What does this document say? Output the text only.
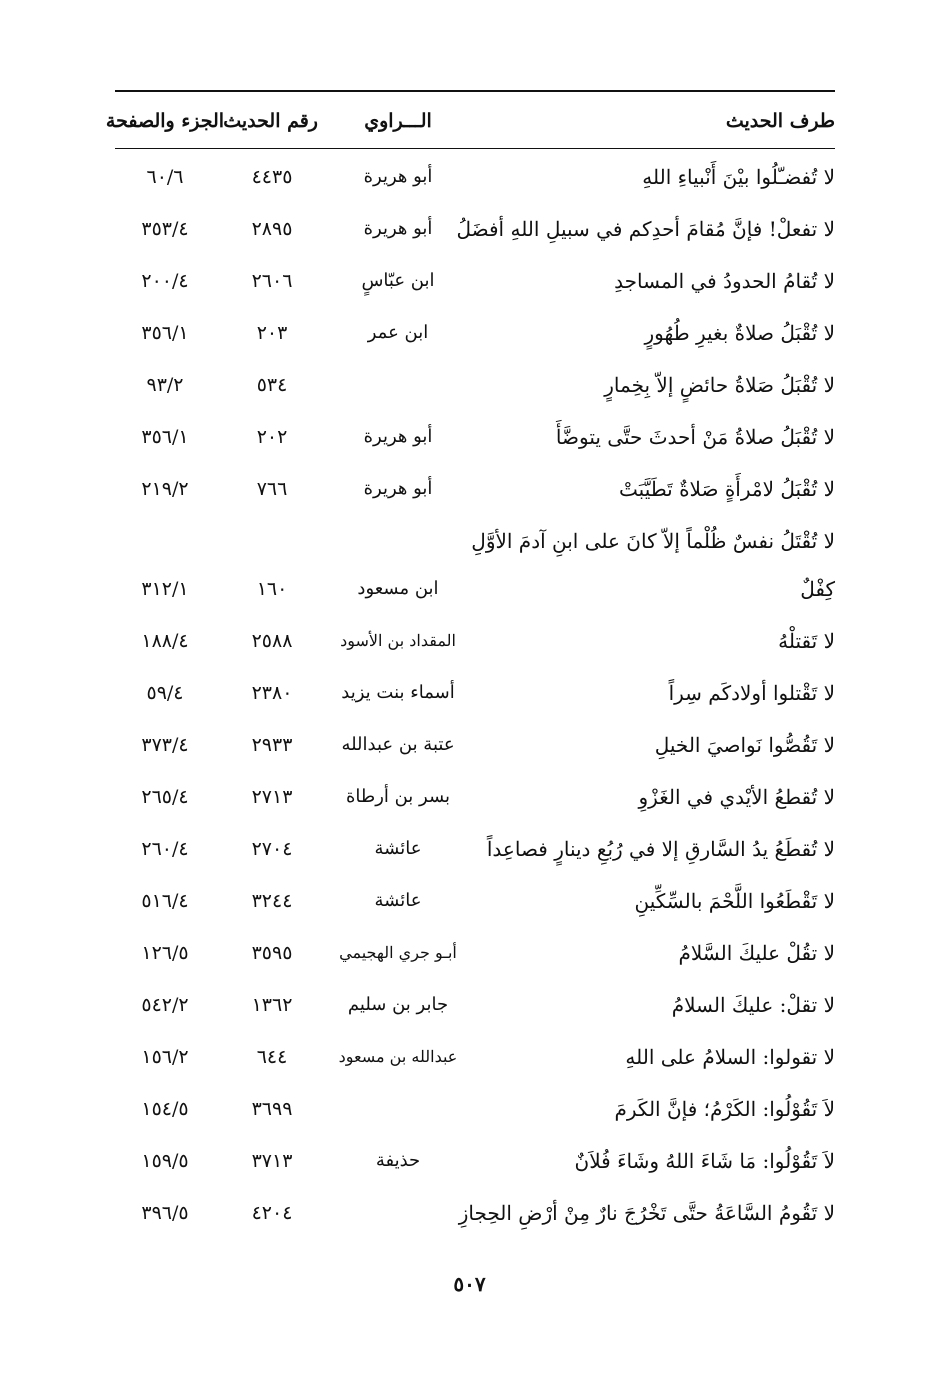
طرف الحديث
الـــراوي
رقم الحديث
الجزء والصفحة
لا تُفضـّلُوا بيْنَ أَنْبياءِ اللهِ
أبو هريرة
٤٤٣٥
٦٠/٦
لا تفعلْ! فإنَّ مُقامَ أحدِكم في سبيلِ اللهِ أفضَلُ
أبو هريرة
٢٨٩٥
٣٥٣/٤
لا تُقامُ الحدودُ في المساجدِ
ابن عبّاسٍ
٢٦٠٦
٢٠٠/٤
لا تُقْبَلُ صلاةٌ بغيرِ طُهُورٍ
ابن عمر
٢٠٣
٣٥٦/١
لا تُقْبَلُ صَلاةُ حائضٍ إلاّ بِخِمارٍ
٥٣٤
٩٣/٢
لا تُقْبَلُ صلاةُ مَنْ أحدثَ حتَّى يتوضَّأَ
أبو هريرة
٢٠٢
٣٥٦/١
لا تُقْبَلُ لامْرأَةٍ صَلاةٌ تَطَيَّبَتْ
أبو هريرة
٧٦٦
٢١٩/٢
لا تُقْتَلُ نفسٌ ظُلْماً إلاّ كانَ على ابنِ آدمَ الأوَّلِ
كِفْلٌ
ابن مسعود
١٦٠
٣١٢/١
لا تَقتلْهُ
المقداد بن الأسود
٢٥٨٨
١٨٨/٤
لا تَقْتلوا أولادكَم سِراً
أسماء بنت يزيد
٢٣٨٠
٥٩/٤
لا تَقُصُّوا نَواصيَ الخيلِ
عتبة بن عبدالله
٢٩٣٣
٣٧٣/٤
لا تُقطعُ الأيْدي في الغَزْوِ
بسر بن أرطاة
٢٧١٣
٢٦٥/٤
لا تُقطَعُ يدُ السَّارقِ إلا في رُبُعِ دينارٍ فصاعِداً
عائشة
٢٧٠٤
٢٦٠/٤
لا تَقْطَعُوا اللَّحْمَ بالسِّكِّينِ
عائشة
٣٢٤٤
٥١٦/٤
لا تقُلْ عليكَ السَّلامُ
أبـو جري الهجيمي
٣٥٩٥
١٢٦/٥
لا تقلْ: عليكَ السلامُ
جابر بن سليم
١٣٦٢
٥٤٢/٢
لا تقولوا: السلامُ على اللهِ
عبدالله بن مسعود
٦٤٤
١٥٦/٢
لاَ تَقُوْلُوا: الكَرْمُ؛ فإنَّ الكَرمَ
٣٦٩٩
١٥٤/٥
لاَ تَقُوْلُوا: مَا شَاءَ اللهُ وشَاءَ فُلاَنٌ
حذيفة
٣٧١٣
١٥٩/٥
لا تَقُومُ السَّاعَةُ حتَّى تَخْرُجَ نارٌ مِنْ أرْضِ الحِجازِ
٤٢٠٤
٣٩٦/٥
٥٠٧
